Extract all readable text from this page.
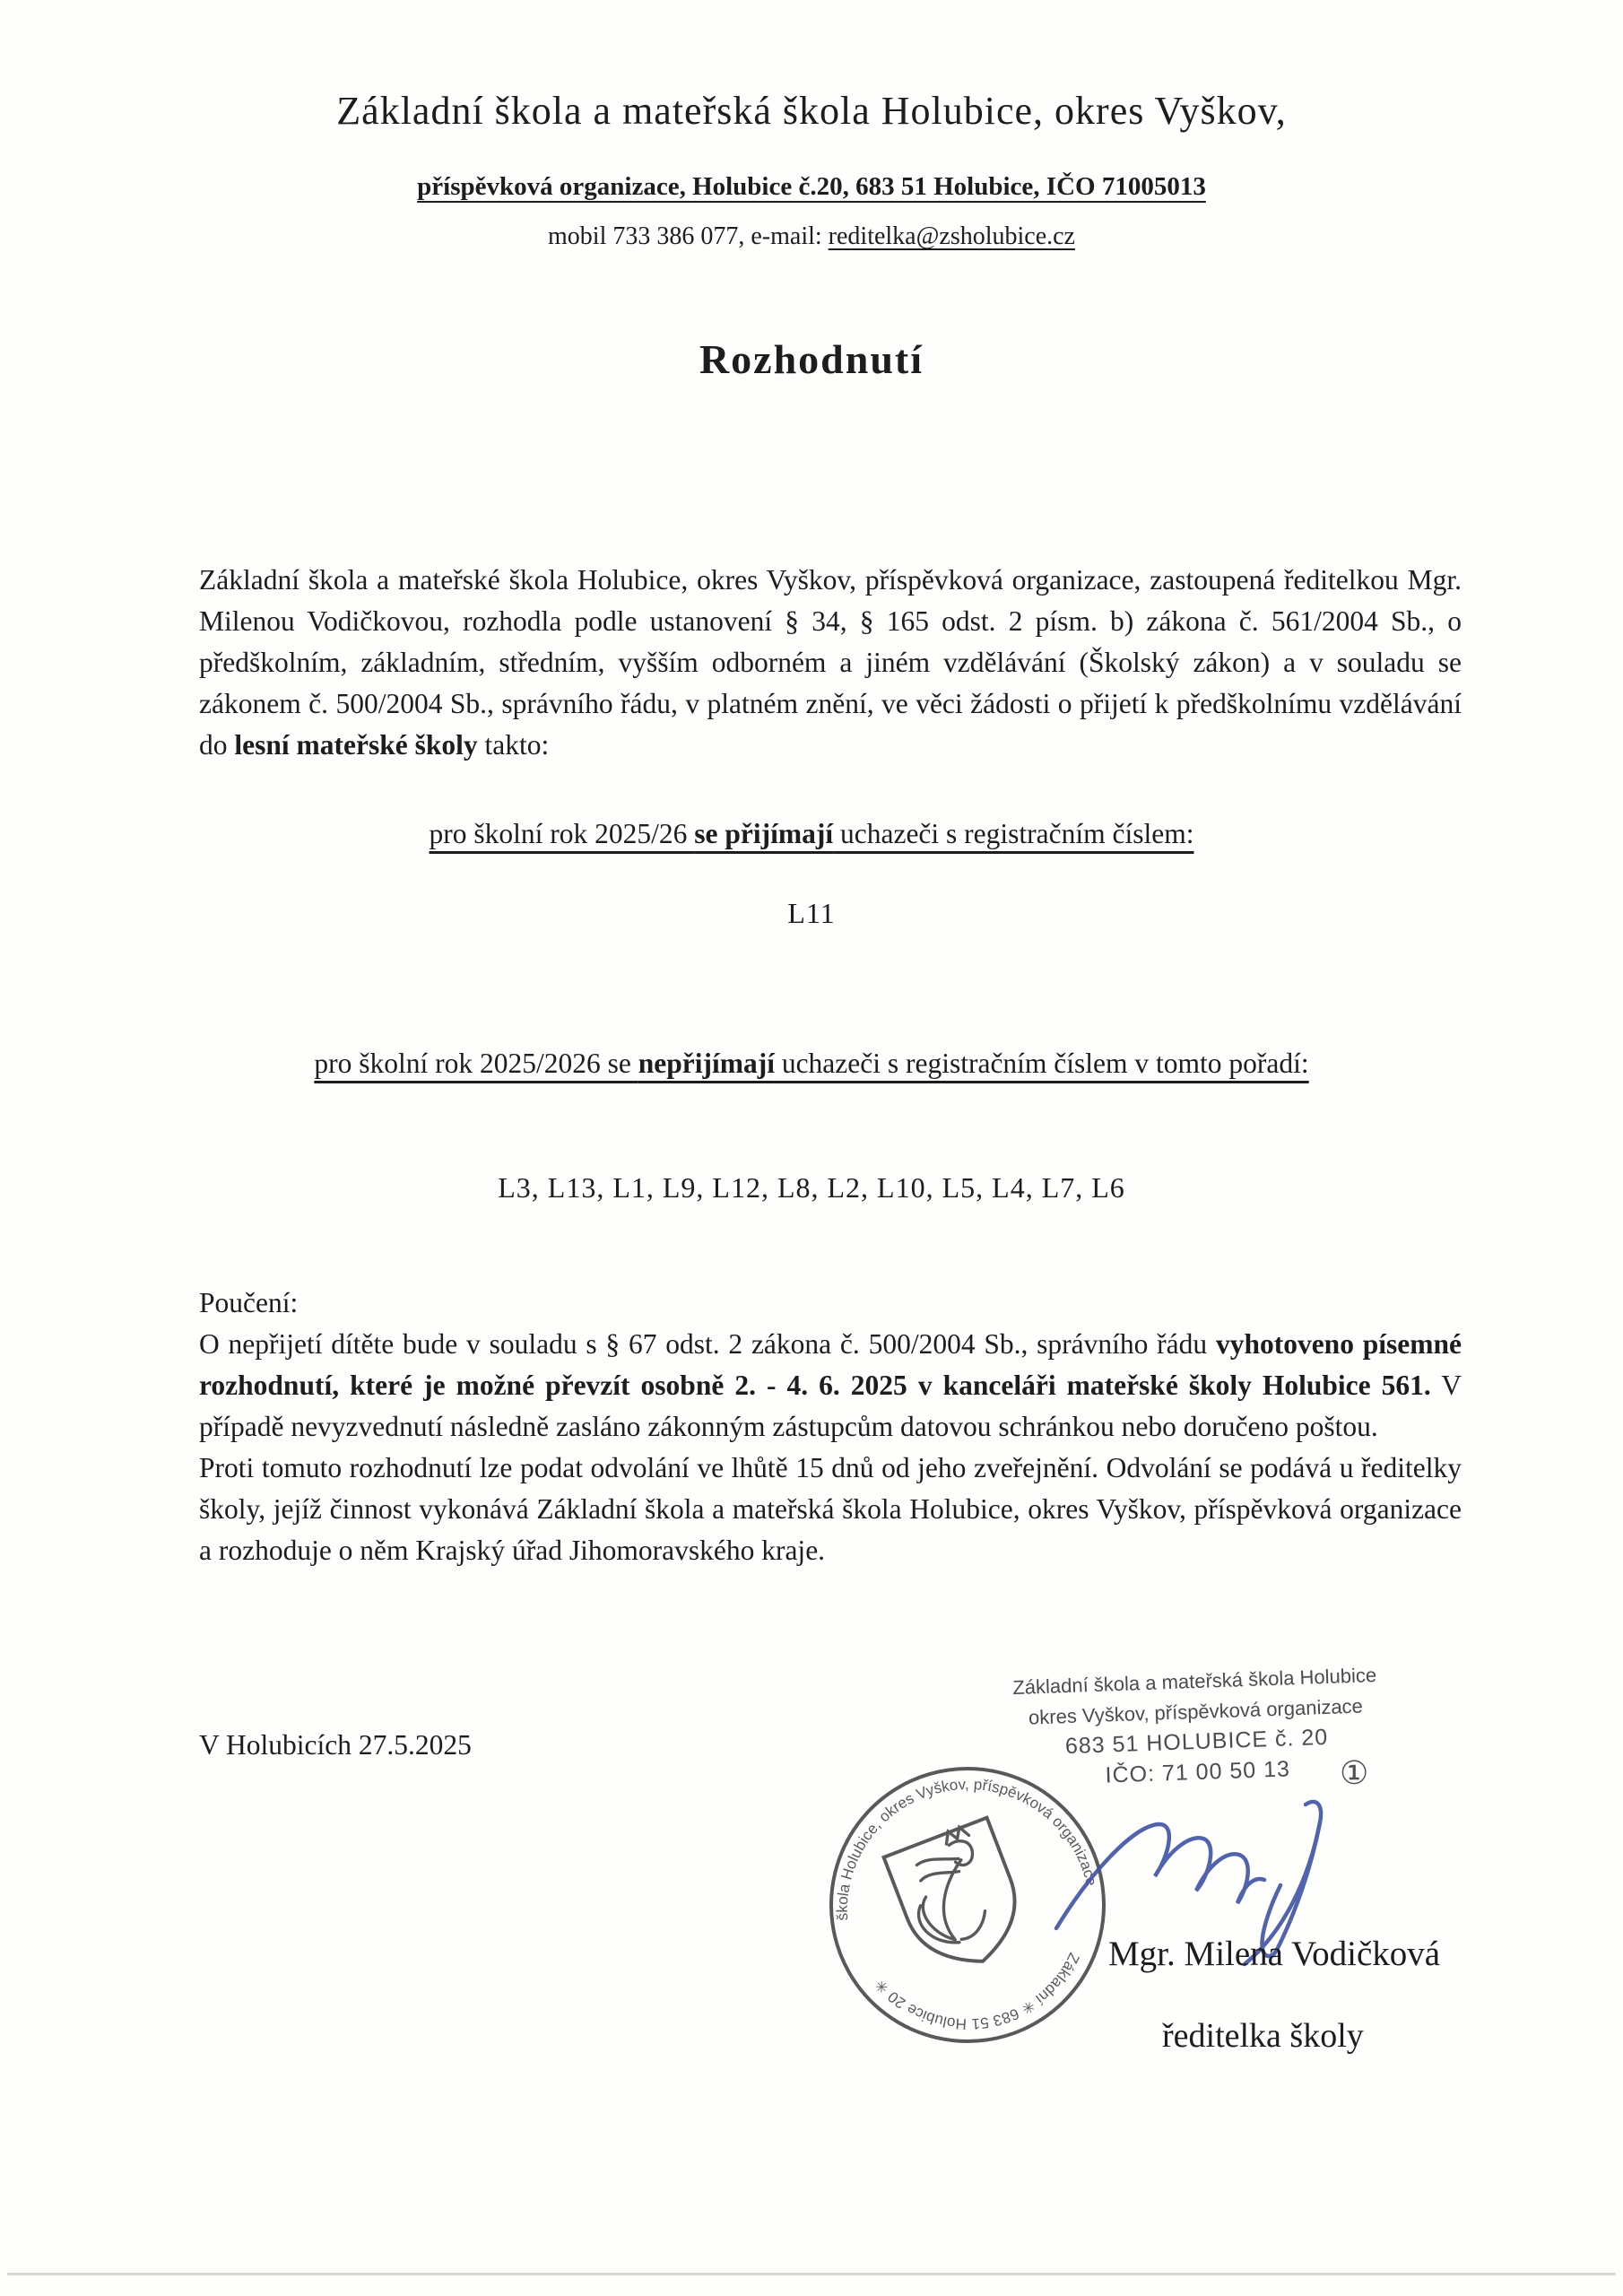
Základní škola a mateřská škola Holubice, okres Vyškov,
příspěvková organizace, Holubice č.20, 683 51 Holubice, IČO 71005013
mobil 733 386 077, e-mail: reditelka@zsholubice.cz
Rozhodnutí

Základní škola a mateřské škola Holubice, okres Vyškov, příspěvková organizace, zastoupená ředitelkou Mgr. Milenou Vodičkovou, rozhodla podle ustanovení § 34, § 165 odst. 2 písm. b) zákona č. 561/2004 Sb., o předškolním, základním, středním, vyšším odborném a jiném vzdělávání (Školský zákon) a v souladu se zákonem č. 500/2004 Sb., správního řádu, v platném znění, ve věci žádosti o přijetí k předškolnímu vzdělávání do lesní mateřské školy takto:

pro školní rok 2025/26 se přijímají uchazeči s registračním číslem:
L11
pro školní rok 2025/2026 se nepřijímají uchazeči s registračním číslem v tomto pořadí:
L3, L13, L1, L9, L12, L8, L2, L10, L5, L4, L7, L6
Poučení:

O nepřijetí dítěte bude v souladu s § 67 odst. 2 zákona č. 500/2004 Sb., správního řádu vyhotoveno písemné rozhodnutí, které je možné převzít osobně 2. - 4. 6. 2025 v kanceláři mateřské školy Holubice 561. V případě nevyzvednutí následně zasláno zákonným zástupcům datovou schránkou nebo doručeno poštou.

Proti tomuto rozhodnutí lze podat odvolání ve lhůtě 15 dnů od jeho zveřejnění. Odvolání se podává u ředitelky školy, jejíž činnost vykonává Základní škola a mateřská škola Holubice, okres Vyškov, příspěvková organizace a rozhoduje o něm Krajský úřad Jihomoravského kraje.

V Holubicích 27.5.2025
Základní škola a mateřská škola Holubice
okres Vyškov, příspěvková organizace
683 51 HOLUBICE č. 20
IČO: 71 00 50 13	①
škola Holubice, okres Vyškov, příspěvková organizace
Základní ✳ 683 51 Holubice 20 ✳
Mgr. Milena Vodičková
ředitelka školy
